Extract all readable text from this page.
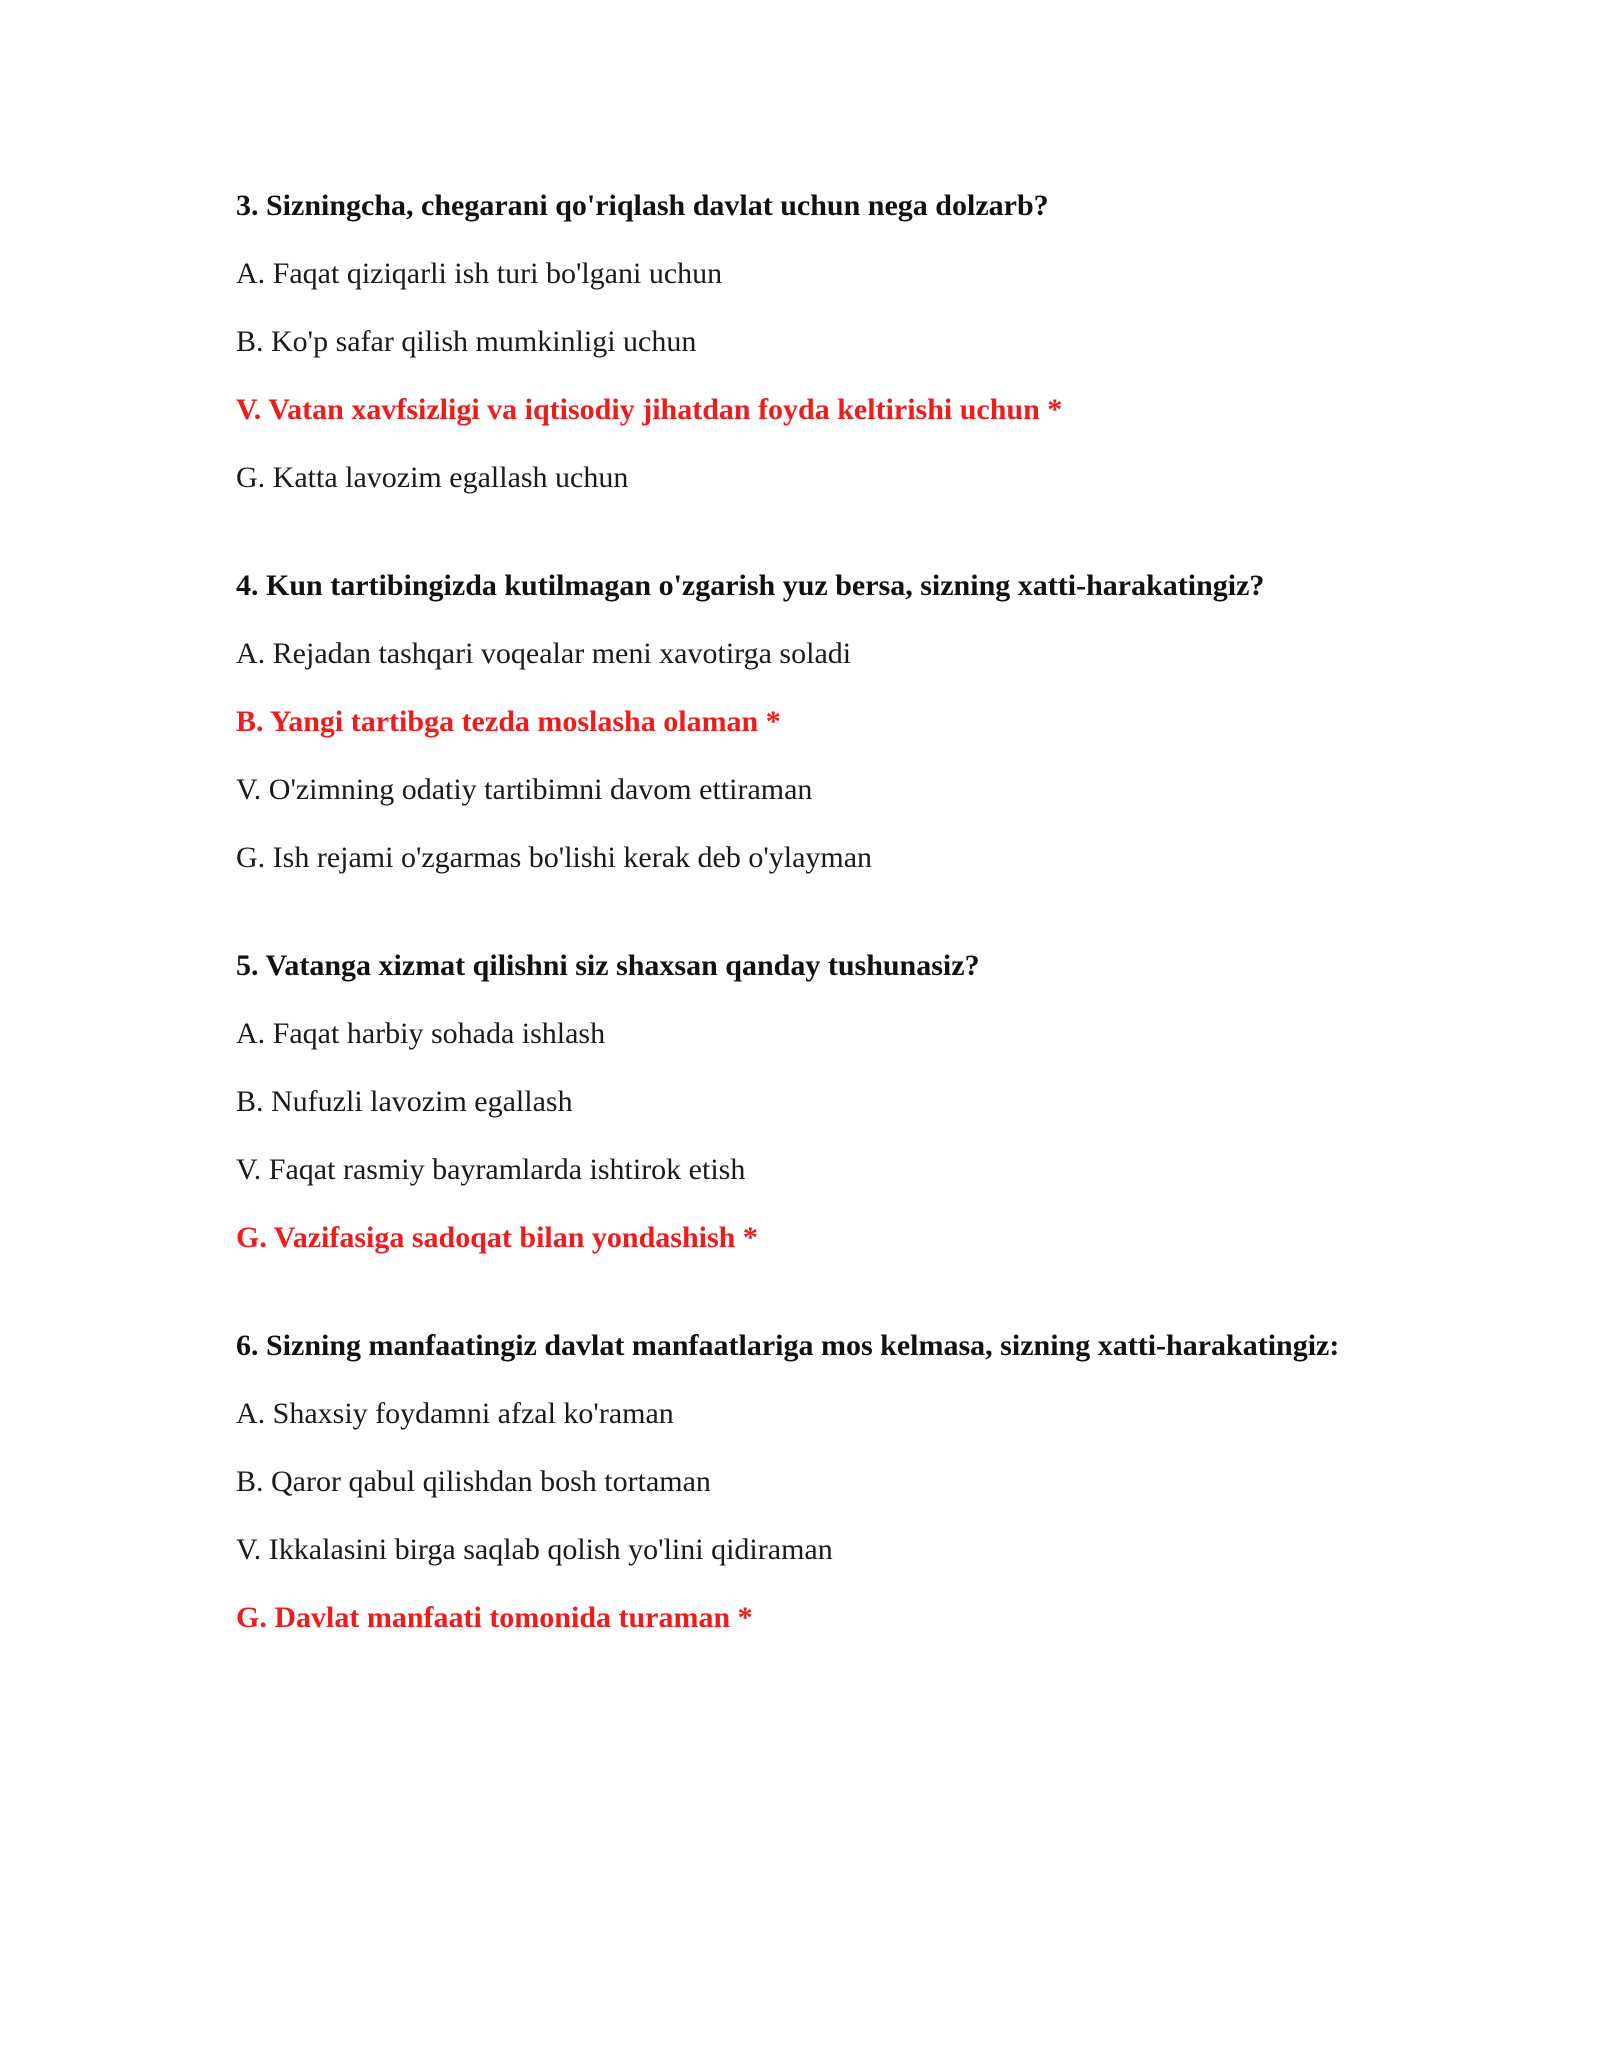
3. Sizningcha, chegarani qo'riqlash davlat uchun nega dolzarb?
A. Faqat qiziqarli ish turi bo'lgani uchun
B. Ko'p safar qilish mumkinligi uchun
V. Vatan xavfsizligi va iqtisodiy jihatdan foyda keltirishi uchun *
G. Katta lavozim egallash uchun
4. Kun tartibingizda kutilmagan o'zgarish yuz bersa, sizning xatti-harakatingiz?
A. Rejadan tashqari voqealar meni xavotirga soladi
B. Yangi tartibga tezda moslasha olaman *
V. O'zimning odatiy tartibimni davom ettiraman
G. Ish rejami o'zgarmas bo'lishi kerak deb o'ylayman
5. Vatanga xizmat qilishni siz shaxsan qanday tushunasiz?
A. Faqat harbiy sohada ishlash
B. Nufuzli lavozim egallash
V. Faqat rasmiy bayramlarda ishtirok etish
G. Vazifasiga sadoqat bilan yondashish *
6. Sizning manfaatingiz davlat manfaatlariga mos kelmasa, sizning xatti-harakatingiz:
A. Shaxsiy foydamni afzal ko'raman
B. Qaror qabul qilishdan bosh tortaman
V. Ikkalasini birga saqlab qolish yo'lini qidiraman
G. Davlat manfaati tomonida turaman *
